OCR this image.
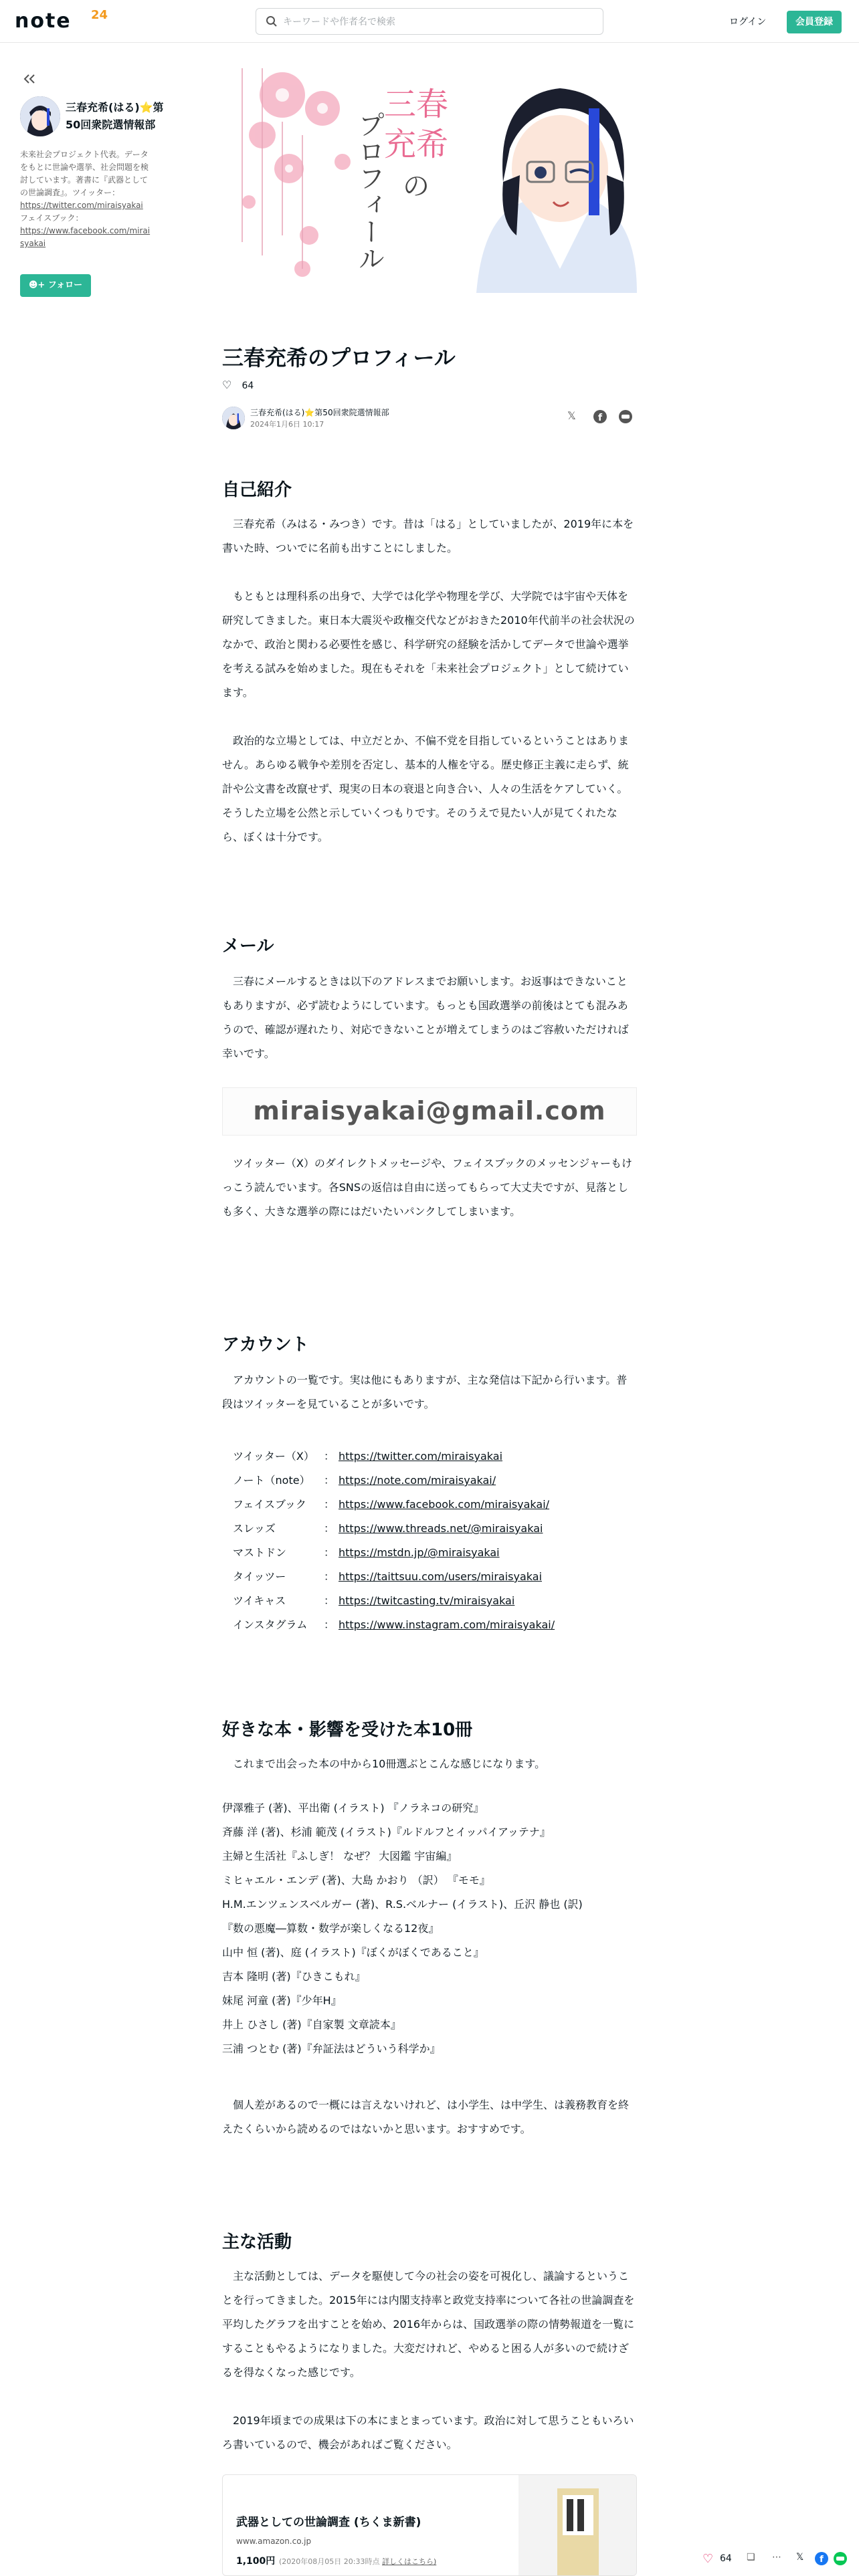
note 24
キーワードや作者名で検索	ログイン	会員登録
三春充希(はる)⭐第50回衆院選情報部
未来社会プロジェクト代表。データをもとに世論や選挙、社会問題を検討しています。著書に『武器としての世論調査』。ツイッター：
https://twitter.com/miraisyakai
フェイスブック：
https://www.facebook.com/miraisyakai
☻+ フォロー
三春
充希
の
プロフィール
三春充希のプロフィール
♡ 64
三春充希(はる)⭐第50回衆院選情報部
2024年1月6日 10:17
𝕏	f
自己紹介
　三春充希（みはる・みつき）です。昔は「はる」としていましたが、2019年に本を書いた時、ついでに名前も出すことにしました。
　もともとは理科系の出身で、大学では化学や物理を学び、大学院では宇宙や天体を研究してきました。東日本大震災や政権交代などがおきた2010年代前半の社会状況のなかで、政治と関わる必要性を感じ、科学研究の経験を活かしてデータで世論や選挙を考える試みを始めました。現在もそれを「未来社会プロジェクト」として続けています。
　政治的な立場としては、中立だとか、不偏不党を目指しているということはありません。あらゆる戦争や差別を否定し、基本的人権を守る。歴史修正主義に走らず、統計や公文書を改竄せず、現実の日本の衰退と向き合い、人々の生活をケアしていく。そうした立場を公然と示していくつもりです。そのうえで見たい人が見てくれたなら、ぼくは十分です。
メール
　三春にメールするときは以下のアドレスまでお願いします。お返事はできないこともありますが、必ず読むようにしています。もっとも国政選挙の前後はとても混みあうので、確認が遅れたり、対応できないことが増えてしまうのはご容赦いただければ幸いです。
miraisyakai@gmail.com
　ツイッター（X）のダイレクトメッセージや、フェイスブックのメッセンジャーもけっこう読んでいます。各SNSの返信は自由に送ってもらって大丈夫ですが、見落としも多く、大きな選挙の際にはだいたいパンクしてしまいます。
アカウント
　アカウントの一覧です。実は他にもありますが、主な発信は下記から行います。普段はツイッターを見ていることが多いです。
ツイッター（X） ： https://twitter.com/miraisyakai
ノート（note） ： https://note.com/miraisyakai/
フェイスブック ： https://www.facebook.com/miraisyakai/
スレッズ	： https://www.threads.net/@miraisyakai
マストドン	： https://mstdn.jp/@miraisyakai
タイッツー	： https://taittsuu.com/users/miraisyakai
ツイキャス	： https://twitcasting.tv/miraisyakai
インスタグラム ： https://www.instagram.com/miraisyakai/
好きな本・影響を受けた本10冊
　これまで出会った本の中から10冊選ぶとこんな感じになります。
伊澤雅子 (著)、平出衛 (イラスト) 『ノラネコの研究』
斉藤 洋 (著)、杉浦 範茂 (イラスト)『ルドルフとイッパイアッテナ』
主婦と生活社『ふしぎ！ なぜ？ 大図鑑 宇宙編』
ミヒャエル・エンデ (著)、大島 かおり （訳） 『モモ』
H.M.エンツェンスベルガー (著)、R.S.ベルナー (イラスト)、丘沢 静也 (訳)
『数の悪魔―算数・数学が楽しくなる12夜』
山中 恒 (著)、庭 (イラスト)『ぼくがぼくであること』
吉本 隆明 (著)『ひきこもれ』
妹尾 河童 (著)『少年H』
井上 ひさし (著)『自家製 文章読本』
三浦 つとむ (著)『弁証法はどういう科学か』
　個人差があるので一概には言えないけれど、は小学生、は中学生、は義務教育を終えたくらいから読めるのではないかと思います。おすすめです。
主な活動
　主な活動としては、データを駆使して今の社会の姿を可視化し、議論するということを行ってきました。2015年には内閣支持率と政党支持率について各社の世論調査を平均したグラフを出すことを始め、2016年からは、国政選挙の際の情勢報道を一覧にすることもやるようになりました。大変だけれど、やめると困る人が多いので続けざるを得なくなった感じです。
　2019年頃までの成果は下の本にまとまっています。政治に対して思うこともいろいろ書いているので、機会があればご覧ください。
武器としての世論調査 (ちくま新書)
www.amazon.co.jp
1,100円 (2020年08月05日 20:33時点 詳しくはこちら)	♡ 64 ❏ ⋯ 𝕏 f
